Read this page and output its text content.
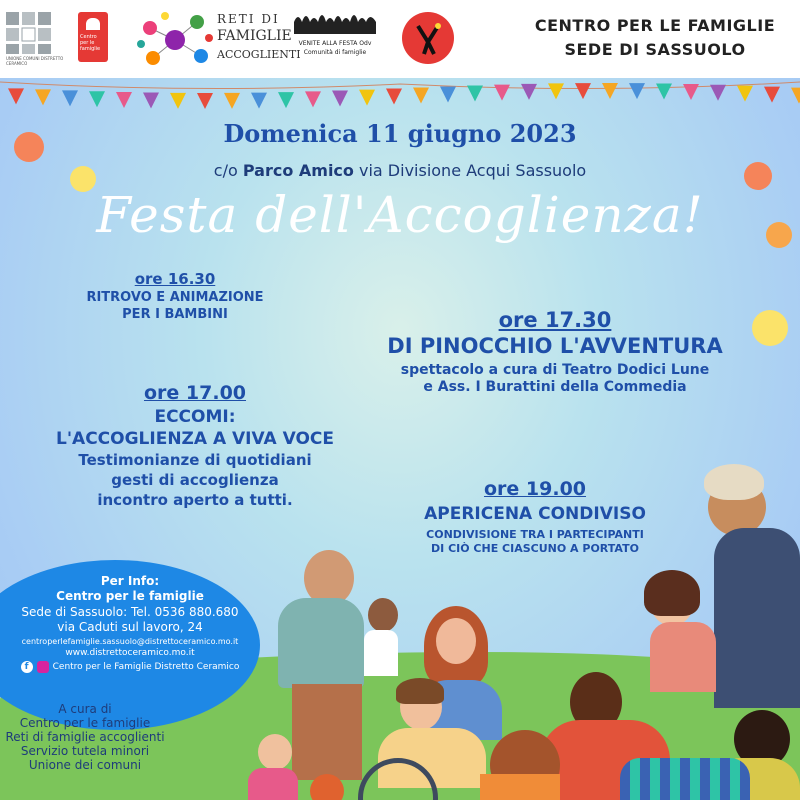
UNIONE COMUNI DISTRETTO CERAMICO
Centro per le famiglie
RETI DI
FAMIGLIE
ACCOGLIENTI
VENITE ALLA FESTA Odv
Comunità di famiglie
CENTRO PER LE FAMIGLIE
SEDE DI SASSUOLO
Domenica 11 giugno 2023
c/o Parco Amico via Divisione Acqui Sassuolo
Festa dell'Accoglienza!
ore 16.30
RITROVO E ANIMAZIONE
PER I BAMBINI	ore 17.30
DI PINOCCHIO L'AVVENTURA
spettacolo a cura di Teatro Dodici Lune
e Ass. I Burattini della Commedia
ore 17.00
ECCOMI:
L'ACCOGLIENZA A VIVA VOCE
Testimonianze di quotidiani
gesti di accoglienza
incontro aperto a tutti.	ore 19.00
APERICENA CONDIVISO
CONDIVISIONE TRA I PARTECIPANTI
DI CIÒ CHE CIASCUNO A PORTATO
Per Info:
Centro per le famiglie
Sede di Sassuolo: Tel. 0536 880.680
via Caduti sul lavoro, 24
centroperlefamiglie.sassuolo@distrettoceramico.mo.it
www.distrettoceramico.mo.it
f	Centro per le Famiglie Distretto Ceramico
A cura di
Centro per le famiglie
Reti di famiglie accoglienti
Servizio tutela minori
Unione dei comuni
